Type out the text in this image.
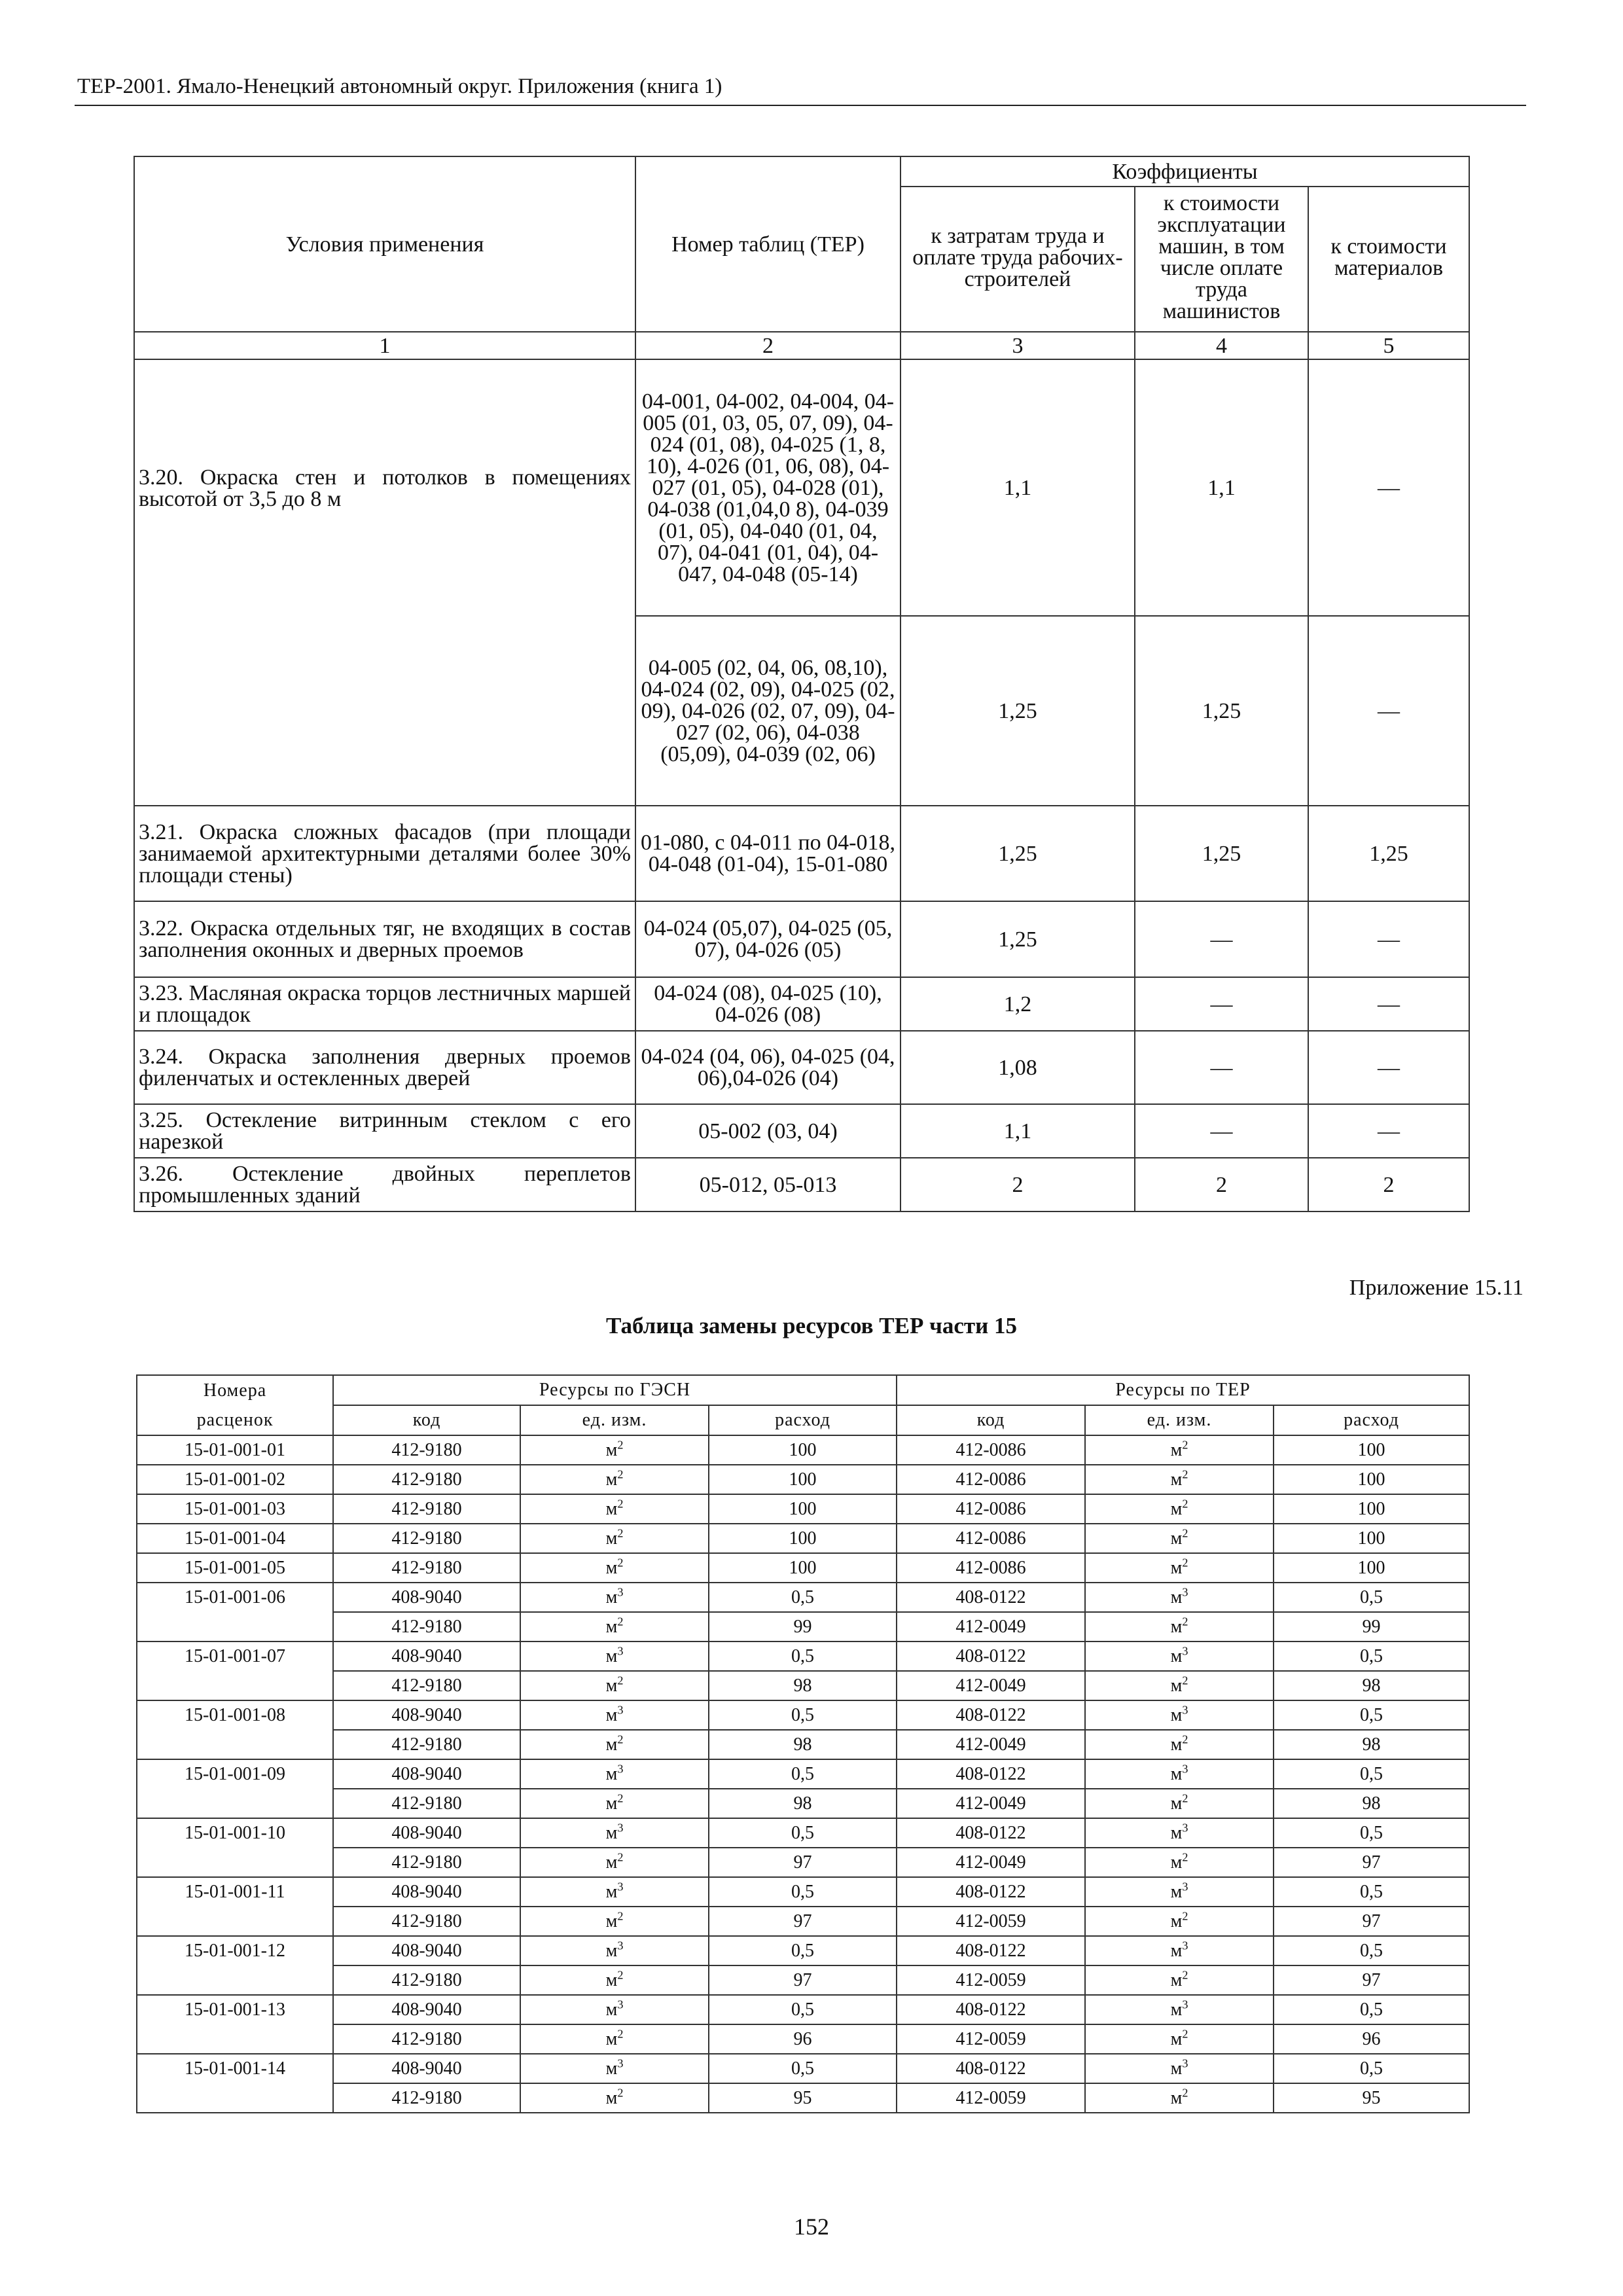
ТЕР-2001. Ямало-Ненецкий автономный округ. Приложения (книга 1)
Условия применения	Номер таблиц (ТЕР)	Коэффициенты		
		к затратам труда и оплате труда рабочих-строителей	к стоимости эксплуатации машин, в том числе оплате труда машинистов	к стоимости материалов
1	2	3	4	5
3.20. Окраска стен и потолков в помещениях высотой от 3,5 до 8 м	04-001, 04-002, 04-004, 04-005 (01, 03, 05, 07, 09), 04-024 (01, 08), 04-025 (1, 8, 10), 4-026 (01, 06, 08), 04-027 (01, 05), 04-028 (01), 04-038 (01,04,0 8), 04-039 (01, 05), 04-040 (01, 04, 07), 04-041 (01, 04), 04-047, 04-048 (05-14)	1,1	1,1	—
	04-005 (02, 04, 06, 08,10), 04-024 (02, 09), 04-025 (02, 09), 04-026 (02, 07, 09), 04-027 (02, 06), 04-038 (05,09), 04-039 (02, 06)	1,25	1,25	—
3.21. Окраска сложных фасадов (при площади занимаемой архитектурными деталями более 30% площади стены)	01-080, с 04-011 по 04-018, 04-048 (01-04), 15-01-080	1,25	1,25	1,25
3.22. Окраска отдельных тяг, не входящих в состав заполнения оконных и дверных проемов	04-024 (05,07), 04-025 (05, 07), 04-026 (05)	1,25	—	—
3.23. Масляная окраска торцов лестничных маршей и площадок	04-024 (08), 04-025 (10), 04-026 (08)	1,2	—	—
3.24. Окраска заполнения дверных проемов филенчатых и остекленных дверей	04-024 (04, 06), 04-025 (04, 06),04-026 (04)	1,08	—	—
3.25. Остекление витринным стеклом с его нарезкой	05-002 (03, 04)	1,1	—	—
3.26. Остекление двойных переплетов промышленных зданий	05-012, 05-013	2	2	2
Приложение 15.11
Таблица замены ресурсов ТЕР части 15
Номера	Ресурсы по ГЭСН			Ресурсы по ТЕР		
расценок	код	ед. изм.	расход	код	ед. изм.	расход
15-01-001-01	412-9180	$м^2$	100	412-0086	$м^2$	100
15-01-001-02	412-9180	$м^2$	100	412-0086	$м^2$	100
15-01-001-03	412-9180	$м^2$	100	412-0086	$м^2$	100
15-01-001-04	412-9180	$м^2$	100	412-0086	$м^2$	100
15-01-001-05	412-9180	$м^2$	100	412-0086	$м^2$	100
15-01-001-06	408-9040	$м^3$	0,5	408-0122	$м^3$	0,5
	412-9180	$м^2$	99	412-0049	$м^2$	99
15-01-001-07	408-9040	$м^3$	0,5	408-0122	$м^3$	0,5
	412-9180	$м^2$	98	412-0049	$м^2$	98
15-01-001-08	408-9040	$м^3$	0,5	408-0122	$м^3$	0,5
	412-9180	$м^2$	98	412-0049	$м^2$	98
15-01-001-09	408-9040	$м^3$	0,5	408-0122	$м^3$	0,5
	412-9180	$м^2$	98	412-0049	$м^2$	98
15-01-001-10	408-9040	$м^3$	0,5	408-0122	$м^3$	0,5
	412-9180	$м^2$	97	412-0049	$м^2$	97
15-01-001-11	408-9040	$м^3$	0,5	408-0122	$м^3$	0,5
	412-9180	$м^2$	97	412-0059	$м^2$	97
15-01-001-12	408-9040	$м^3$	0,5	408-0122	$м^3$	0,5
	412-9180	$м^2$	97	412-0059	$м^2$	97
15-01-001-13	408-9040	$м^3$	0,5	408-0122	$м^3$	0,5
	412-9180	$м^2$	96	412-0059	$м^2$	96
15-01-001-14	408-9040	$м^3$	0,5	408-0122	$м^3$	0,5
	412-9180	$м^2$	95	412-0059	$м^2$	95
152
